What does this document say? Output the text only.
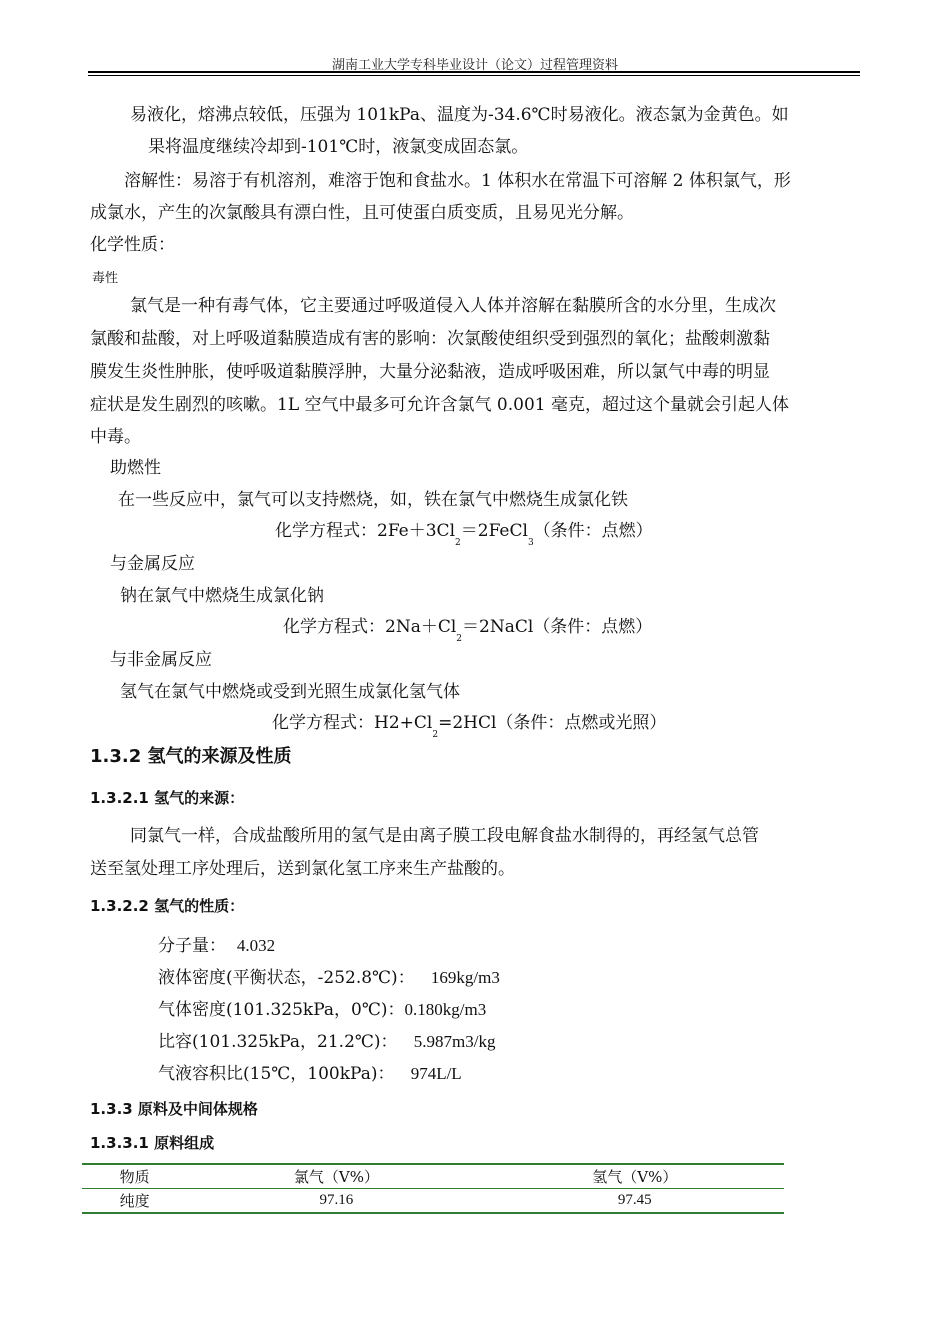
湖南工业大学专科毕业设计（论文）过程管理资料
易液化，熔沸点较低，压强为 101kPa、温度为-34.6℃时易液化。液态氯为金黄色。如
果将温度继续冷却到-101℃时，液氯变成固态氯。
溶解性：易溶于有机溶剂，难溶于饱和食盐水。1 体积水在常温下可溶解 2 体积氯气，形
成氯水，产生的次氯酸具有漂白性，且可使蛋白质变质，且易见光分解。
化学性质：
毒性
氯气是一种有毒气体，它主要通过呼吸道侵入人体并溶解在黏膜所含的水分里，生成次
氯酸和盐酸，对上呼吸道黏膜造成有害的影响：次氯酸使组织受到强烈的氧化；盐酸刺激黏
膜发生炎性肿胀，使呼吸道黏膜浮肿，大量分泌黏液，造成呼吸困难，所以氯气中毒的明显
症状是发生剧烈的咳嗽。1L 空气中最多可允许含氯气 0.001 毫克，超过这个量就会引起人体
中毒。
助燃性
在一些反应中，氯气可以支持燃烧，如，铁在氯气中燃烧生成氯化铁
化学方程式：$2Fe+3Cl_2=2FeCl_3$（条件：点燃）
与金属反应
钠在氯气中燃烧生成氯化钠
化学方程式：$2Na+Cl_2=2NaCl$（条件：点燃）
与非金属反应
氢气在氯气中燃烧或受到光照生成氯化氢气体
化学方程式：$H2+Cl_2=2HCl$（条件：点燃或光照）
1.3.2 氢气的来源及性质
1.3.2.1 氢气的来源：
同氯气一样，合成盐酸所用的氢气是由离子膜工段电解食盐水制得的，再经氢气总管
送至氢处理工序处理后，送到氯化氢工序来生产盐酸的。
1.3.2.2 氢气的性质：
分子量： 4.032
液体密度(平衡状态，-252.8℃)： 169kg/m3
气体密度(101.325kPa，0℃)：0.180kg/m3
比容(101.325kPa，21.2℃)： 5.987m3/kg
气液容积比(15℃，100kPa)： 974L/L
1.3.3 原料及中间体规格
1.3.3.1 原料组成
物质	氯气（V%）	氢气（V%）
纯度	97.16	97.45
